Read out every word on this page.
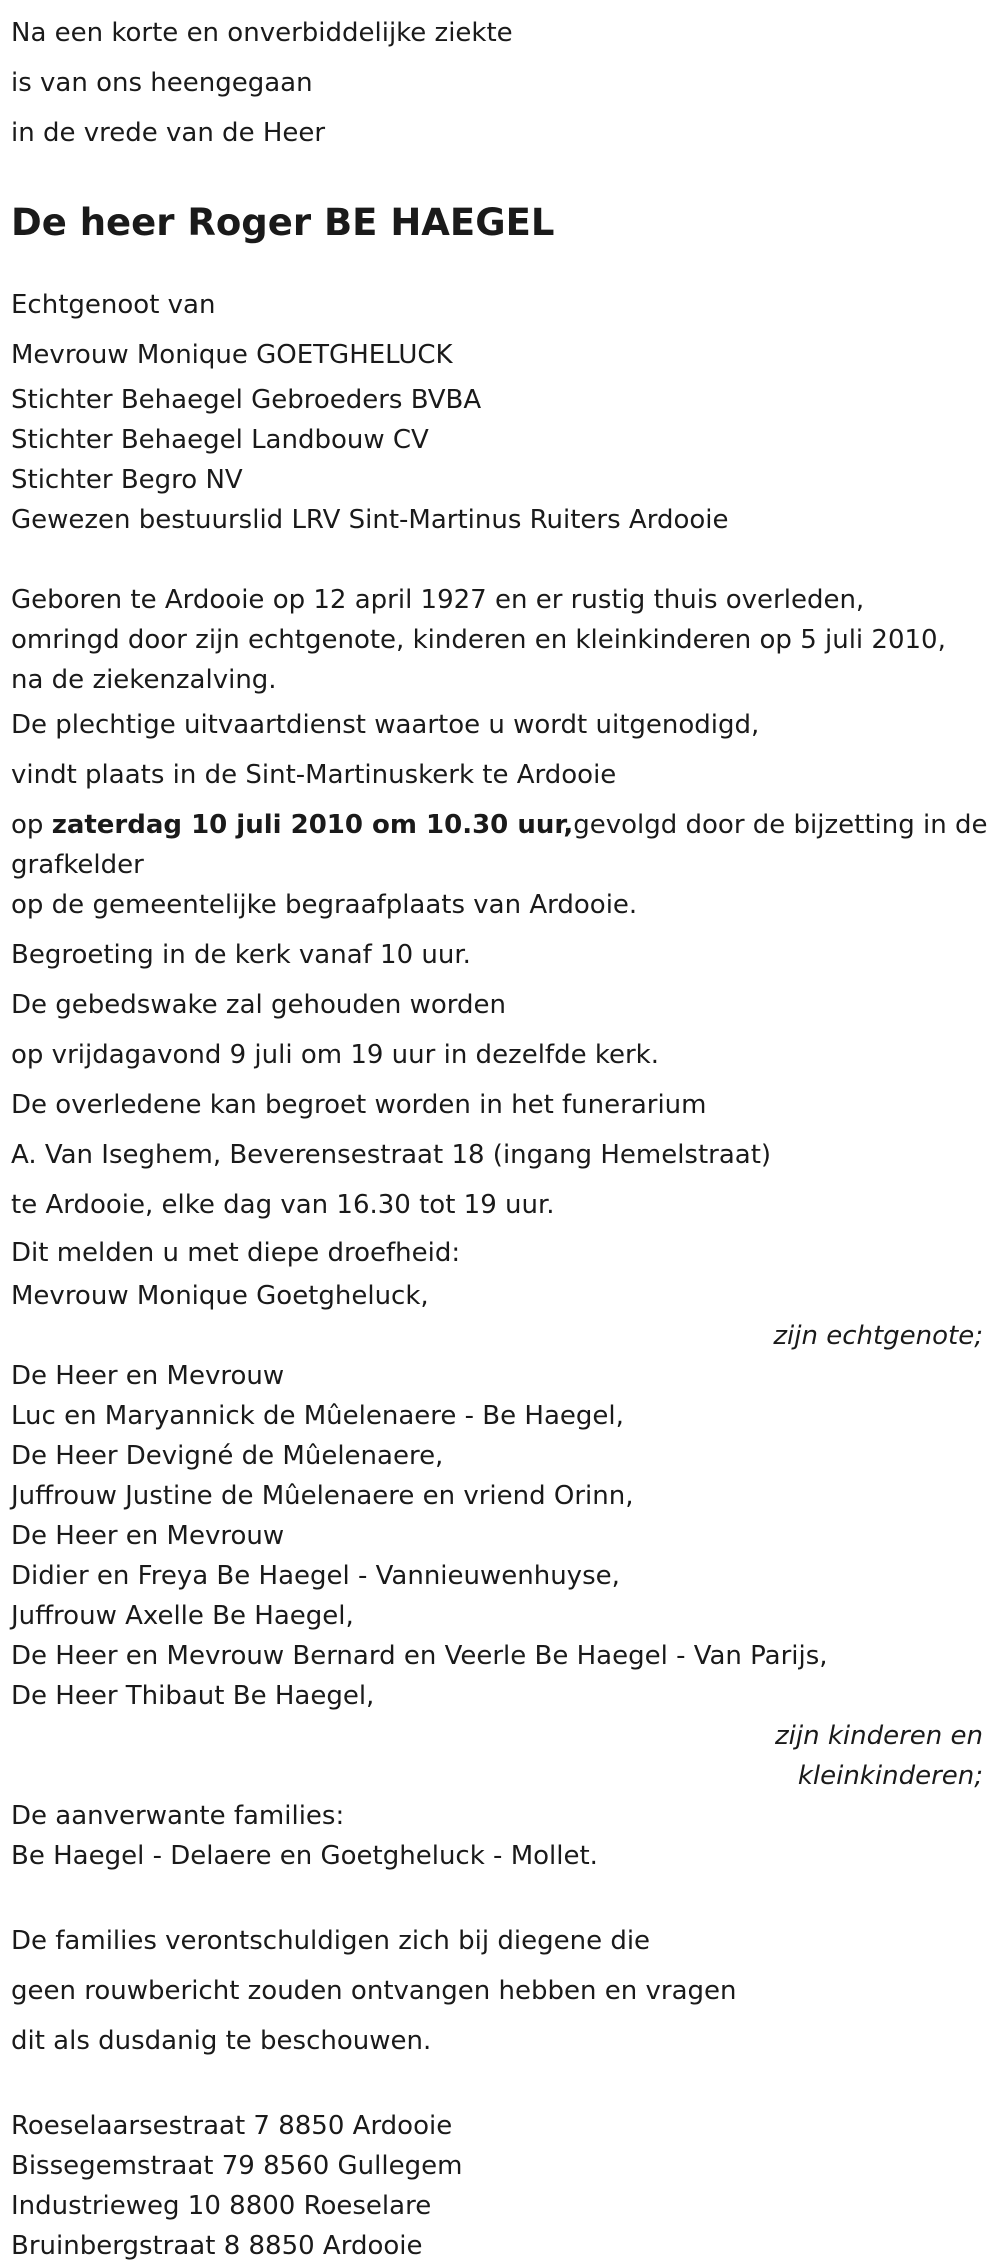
Na een korte en onverbiddelijke ziekte

is van ons heengegaan

in de vrede van de Heer

De heer Roger BE HAEGEL

Echtgenoot van

Mevrouw Monique GOETGHELUCK

Stichter Behaegel Gebroeders BVBA

Stichter Behaegel Landbouw CV

Stichter Begro NV

Gewezen bestuurslid LRV Sint-Martinus Ruiters Ardooie

Geboren te Ardooie op 12 april 1927 en er rustig thuis overleden,

omringd door zijn echtgenote, kinderen en kleinkinderen op 5 juli 2010,

na de ziekenzalving.

De plechtige uitvaartdienst waartoe u wordt uitgenodigd,

vindt plaats in de Sint-Martinuskerk te Ardooie

op zaterdag 10 juli 2010 om 10.30 uur,gevolgd door de bijzetting in de

grafkelder

op de gemeentelijke begraafplaats van Ardooie.

Begroeting in de kerk vanaf 10 uur.

De gebedswake zal gehouden worden

op vrijdagavond 9 juli om 19 uur in dezelfde kerk.

De overledene kan begroet worden in het funerarium

A. Van Iseghem, Beverensestraat 18 (ingang Hemelstraat)

te Ardooie, elke dag van 16.30 tot 19 uur.

Dit melden u met diepe droefheid:

Mevrouw Monique Goetgheluck,

zijn echtgenote;

De Heer en Mevrouw

Luc en Maryannick de Mûelenaere - Be Haegel,

De Heer Devigné de Mûelenaere,

Juffrouw Justine de Mûelenaere en vriend Orinn,

De Heer en Mevrouw

Didier en Freya Be Haegel - Vannieuwenhuyse,

Juffrouw Axelle Be Haegel,

De Heer en Mevrouw Bernard en Veerle Be Haegel - Van Parijs,

De Heer Thibaut Be Haegel,

zijn kinderen en

kleinkinderen;

De aanverwante families:

Be Haegel - Delaere en Goetgheluck - Mollet.

De families verontschuldigen zich bij diegene die

geen rouwbericht zouden ontvangen hebben en vragen

dit als dusdanig te beschouwen.

Roeselaarsestraat 7 8850 Ardooie

Bissegemstraat 79 8560 Gullegem

Industrieweg 10 8800 Roeselare

Bruinbergstraat 8 8850 Ardooie
